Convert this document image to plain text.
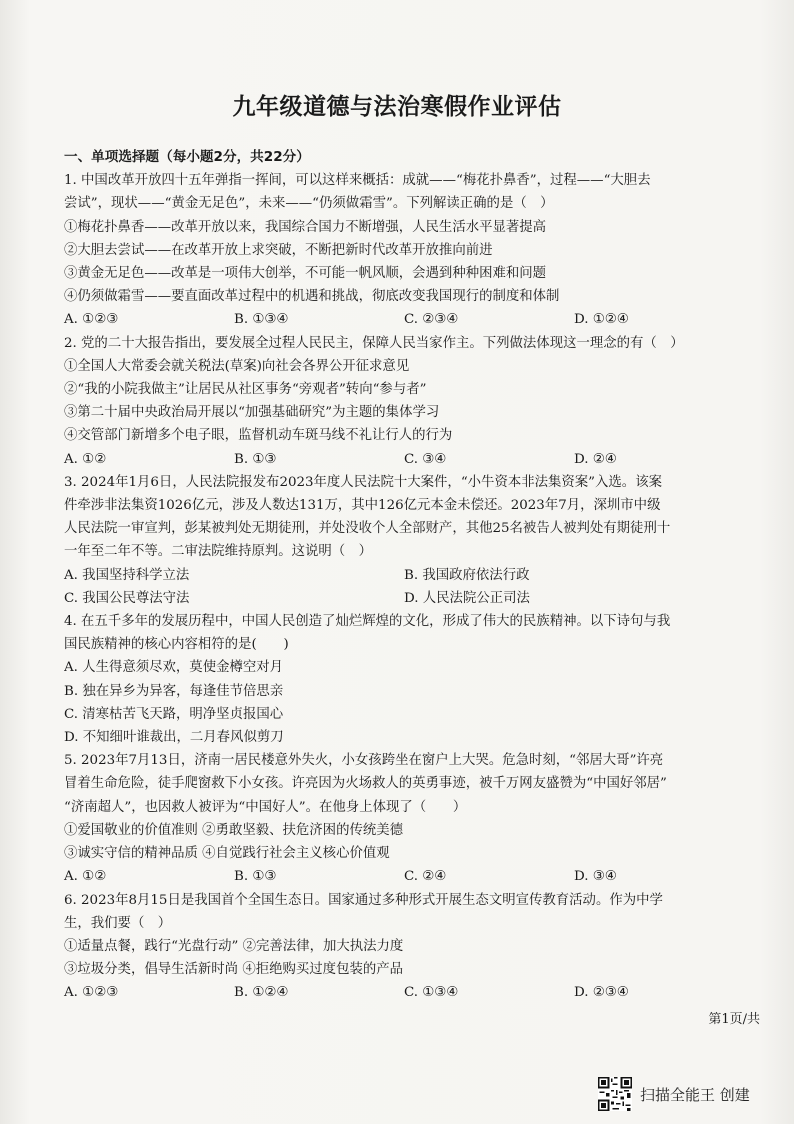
九年级道德与法治寒假作业评估
一、单项选择题（每小题2分，共22分）
1. 中国改革开放四十五年弹指一挥间，可以这样来概括：成就——“梅花扑鼻香”，过程——“大胆去
尝试”，现状——“黄金无足色”，未来——“仍须做霜雪”。下列解读正确的是（　）
①梅花扑鼻香——改革开放以来，我国综合国力不断增强，人民生活水平显著提高
②大胆去尝试——在改革开放上求突破，不断把新时代改革开放推向前进
③黄金无足色——改革是一项伟大创举，不可能一帆风顺，会遇到种种困难和问题
④仍须做霜雪——要直面改革过程中的机遇和挑战，彻底改变我国现行的制度和体制
A. ①②③	B. ①③④	C. ②③④	D. ①②④
2. 党的二十大报告指出，要发展全过程人民民主，保障人民当家作主。下列做法体现这一理念的有（　）
①全国人大常委会就关税法(草案)向社会各界公开征求意见
②“我的小院我做主”让居民从社区事务“旁观者”转向“参与者”
③第二十届中央政治局开展以“加强基础研究”为主题的集体学习
④交管部门新增多个电子眼，监督机动车斑马线不礼让行人的行为
A. ①②	B. ①③	C. ③④	D. ②④
3. 2024年1月6日，人民法院报发布2023年度人民法院十大案件，“小牛资本非法集资案”入选。该案
件牵涉非法集资1026亿元，涉及人数达131万，其中126亿元本金未偿还。2023年7月，深圳市中级
人民法院一审宣判，彭某被判处无期徒刑，并处没收个人全部财产，其他25名被告人被判处有期徒刑十
一年至二年不等。二审法院维持原判。这说明（　）
A. 我国坚持科学立法	B. 我国政府依法行政
C. 我国公民尊法守法	D. 人民法院公正司法
4. 在五千多年的发展历程中，中国人民创造了灿烂辉煌的文化，形成了伟大的民族精神。以下诗句与我
国民族精神的核心内容相符的是(　　)
A. 人生得意须尽欢，莫使金樽空对月
B. 独在异乡为异客，每逢佳节倍思亲
C. 清寒枯苦飞天路，明净坚贞报国心
D. 不知细叶谁裁出，二月春风似剪刀
5. 2023年7月13日，济南一居民楼意外失火，小女孩跨坐在窗户上大哭。危急时刻，“邻居大哥”许亮
冒着生命危险，徒手爬窗救下小女孩。许亮因为火场救人的英勇事迹，被千万网友盛赞为“中国好邻居”
“济南超人”，也因救人被评为“中国好人”。在他身上体现了（　　）
①爱国敬业的价值准则 ②勇敢坚毅、扶危济困的传统美德
③诚实守信的精神品质 ④自觉践行社会主义核心价值观
A. ①②	B. ①③	C. ②④	D. ③④
6. 2023年8月15日是我国首个全国生态日。国家通过多种形式开展生态文明宣传教育活动。作为中学
生，我们要（　）
①适量点餐，践行“光盘行动” ②完善法律，加大执法力度
③垃圾分类，倡导生活新时尚 ④拒绝购买过度包装的产品
A. ①②③	B. ①②④	C. ①③④	D. ②③④
第1页/共
扫描全能王 创建
